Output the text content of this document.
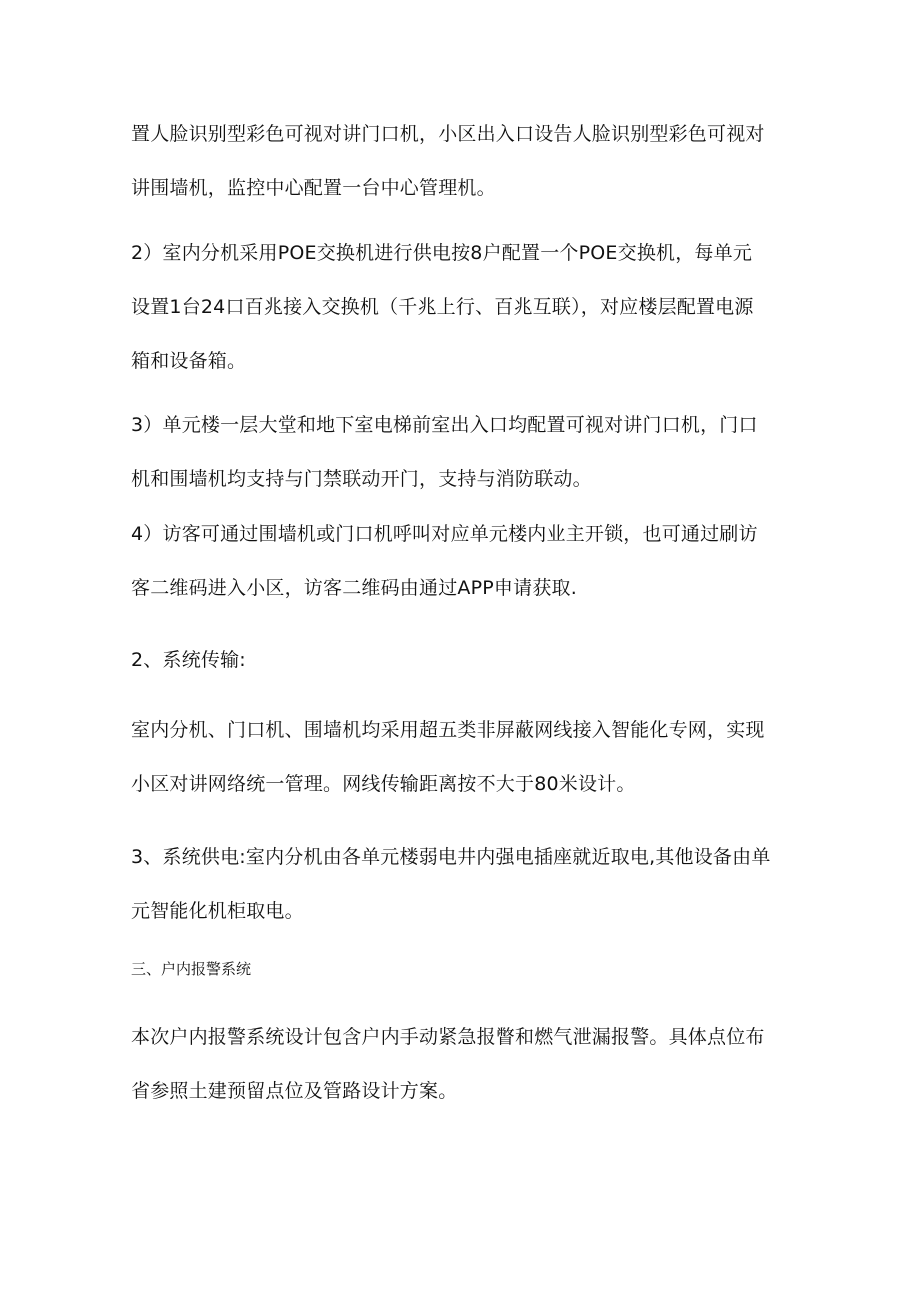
置人脸识别型彩色可视对讲门口机，小区出入口设告人脸识别型彩色可视对
讲围墙机，监控中心配置一台中心管理机。

2）室内分机采用POE交换机进行供电按8户配置一个POE交换机，每单元
设置1台24口百兆接入交换机（千兆上行、百兆互联），对应楼层配置电源
箱和设备箱。

3）单元楼一层大堂和地下室电梯前室出入口均配置可视对讲门口机，门口
机和围墙机均支持与门禁联动开门，支持与消防联动。

4）访客可通过围墙机或门口机呼叫对应单元楼内业主开锁，也可通过刷访
客二维码进入小区，访客二维码由通过APP申请获取.

2、系统传输:

室内分机、门口机、围墙机均采用超五类非屏蔽网线接入智能化专网，实现
小区对讲网络统一管理。网线传输距离按不大于80米设计。

3、系统供电:室内分机由各单元楼弱电井内强电插座就近取电,其他设备由单
元智能化机柜取电。

三、户内报警系统

本次户内报警系统设计包含户内手动紧急报瞥和燃气泄漏报警。具体点位布
省参照土建预留点位及管路设计方案。
